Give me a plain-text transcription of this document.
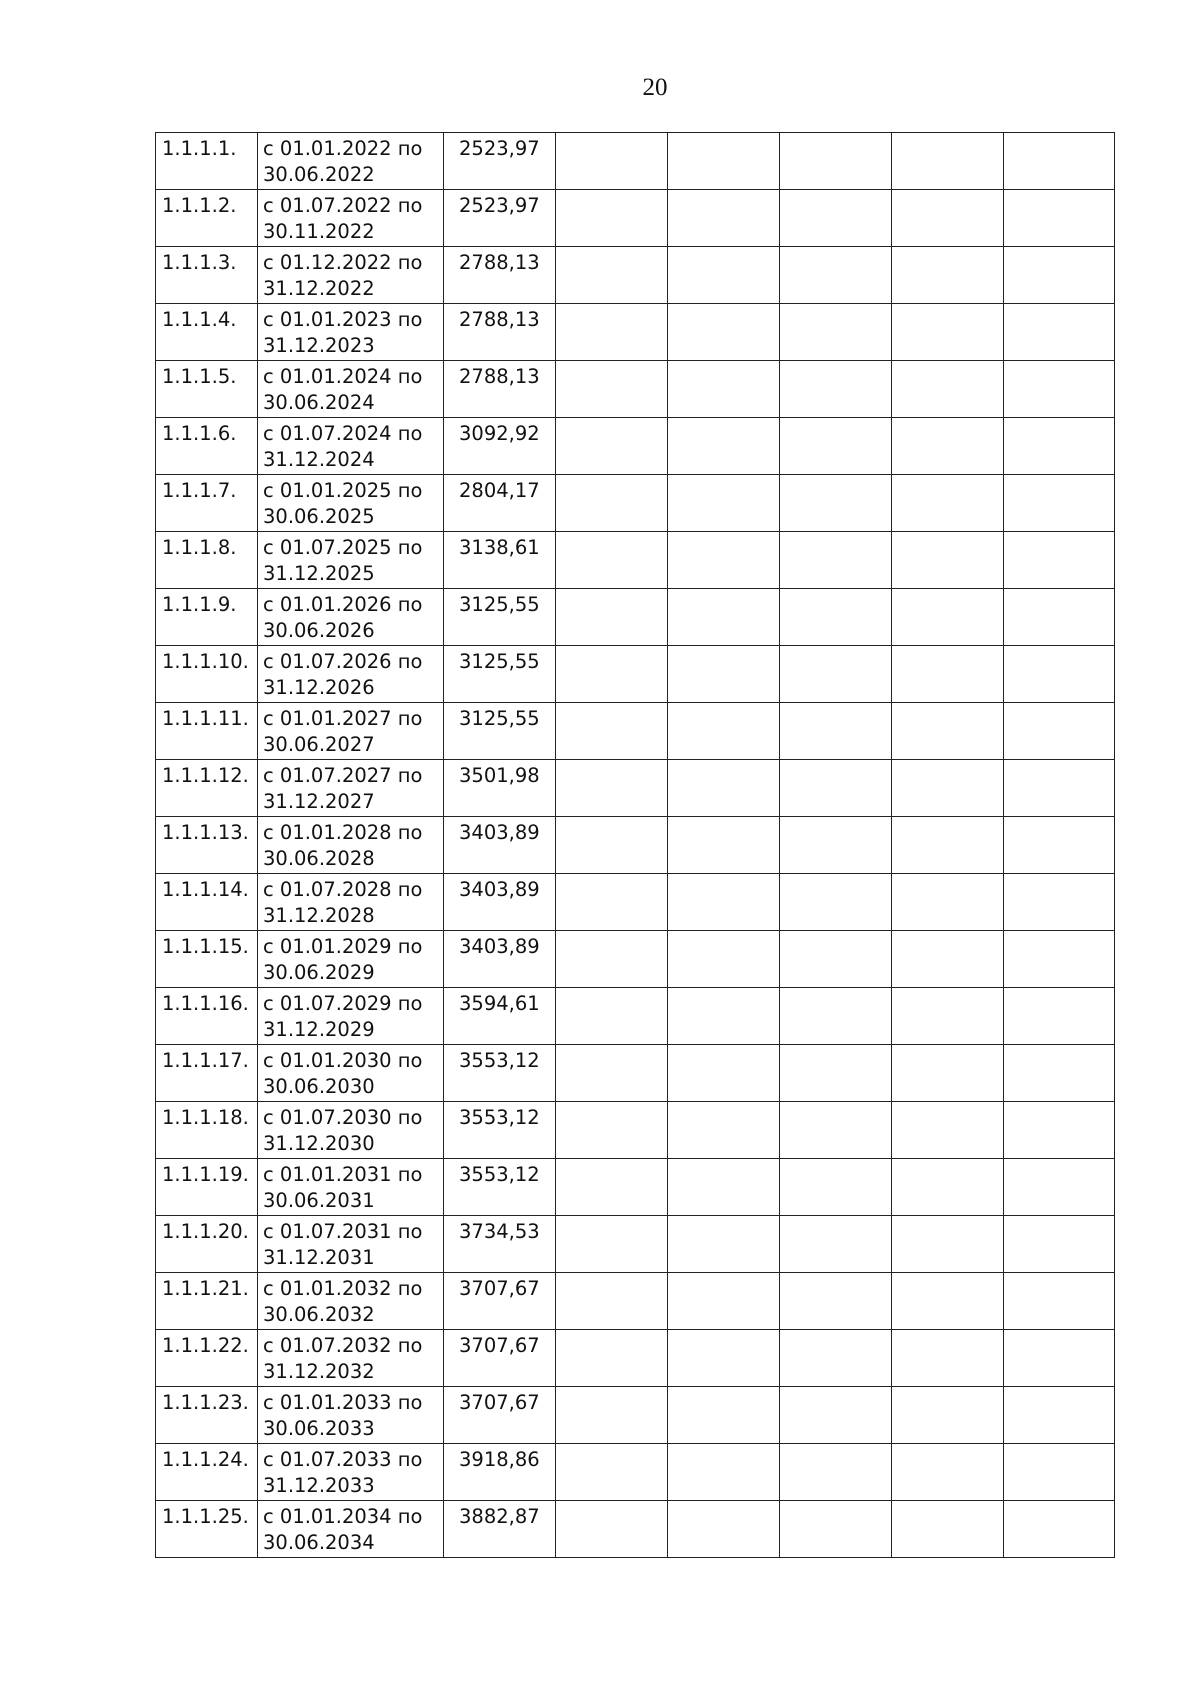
20
1.1.1.1.	с 01.01.2022 по
30.06.2022	2523,97					

1.1.1.2.	с 01.07.2022 по
30.11.2022	2523,97					

1.1.1.3.	с 01.12.2022 по
31.12.2022	2788,13					

1.1.1.4.	с 01.01.2023 по
31.12.2023	2788,13					

1.1.1.5.	с 01.01.2024 по
30.06.2024	2788,13					

1.1.1.6.	с 01.07.2024 по
31.12.2024	3092,92					

1.1.1.7.	с 01.01.2025 по
30.06.2025	2804,17					

1.1.1.8.	с 01.07.2025 по
31.12.2025	3138,61					

1.1.1.9.	с 01.01.2026 по
30.06.2026	3125,55					

1.1.1.10.	с 01.07.2026 по
31.12.2026	3125,55					

1.1.1.11.	с 01.01.2027 по
30.06.2027	3125,55					

1.1.1.12.	с 01.07.2027 по
31.12.2027	3501,98					

1.1.1.13.	с 01.01.2028 по
30.06.2028	3403,89					

1.1.1.14.	с 01.07.2028 по
31.12.2028	3403,89					

1.1.1.15.	с 01.01.2029 по
30.06.2029	3403,89					

1.1.1.16.	с 01.07.2029 по
31.12.2029	3594,61					

1.1.1.17.	с 01.01.2030 по
30.06.2030	3553,12					

1.1.1.18.	с 01.07.2030 по
31.12.2030	3553,12					

1.1.1.19.	с 01.01.2031 по
30.06.2031	3553,12					

1.1.1.20.	с 01.07.2031 по
31.12.2031	3734,53					

1.1.1.21.	с 01.01.2032 по
30.06.2032	3707,67					

1.1.1.22.	с 01.07.2032 по
31.12.2032	3707,67					

1.1.1.23.	с 01.01.2033 по
30.06.2033	3707,67					

1.1.1.24.	с 01.07.2033 по
31.12.2033	3918,86					

1.1.1.25.	с 01.01.2034 по
30.06.2034	3882,87					
